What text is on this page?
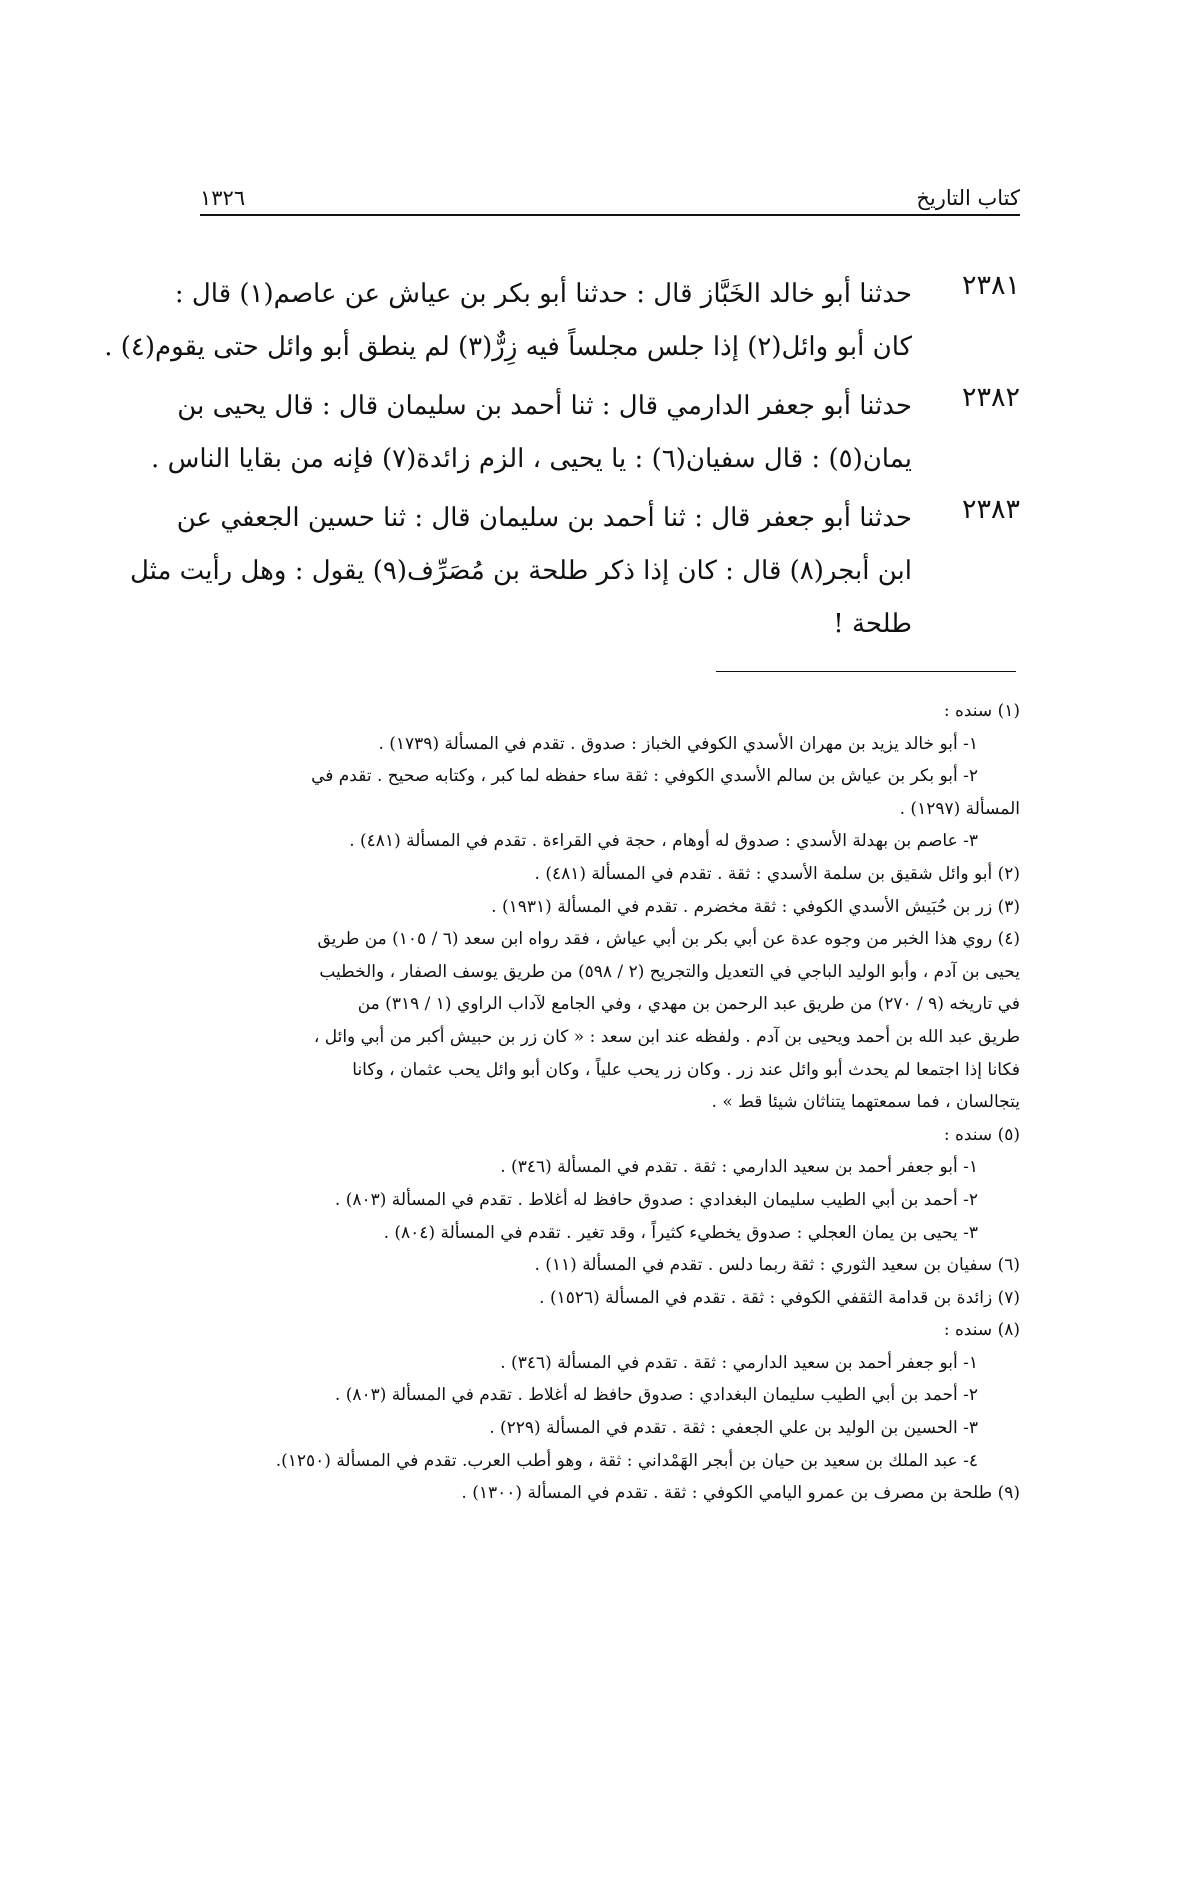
كتاب التاريخ
١٣٢٦
٢٣٨١
حدثنا أبو خالد الخَبَّاز قال : حدثنا أبو بكر بن عياش عن عاصم(١) قال :
كان أبو وائل(٢) إذا جلس مجلساً فيه زِرٌّ(٣) لم ينطق أبو وائل حتى يقوم(٤) .
٢٣٨٢
حدثنا أبو جعفر الدارمي قال : ثنا أحمد بن سليمان قال : قال يحيى بن
يمان(٥) : قال سفيان(٦) : يا يحيى ، الزم زائدة(٧) فإنه من بقايا الناس .
٢٣٨٣
حدثنا أبو جعفر قال : ثنا أحمد بن سليمان قال : ثنا حسين الجعفي عن
ابن أبجر(٨) قال : كان إذا ذكر طلحة بن مُصَرِّف(٩) يقول : وهل رأيت مثل
طلحة !
(١) سنده :
١- أبو خالد يزيد بن مهران الأسدي الكوفي الخباز : صدوق . تقدم في المسألة (١٧٣٩) .
٢- أبو بكر بن عياش بن سالم الأسدي الكوفي : ثقة ساء حفظه لما كبر ، وكتابه صحيح . تقدم في
المسألة (١٢٩٧) .
٣- عاصم بن بهدلة الأسدي : صدوق له أوهام ، حجة في القراءة . تقدم في المسألة (٤٨١) .
(٢) أبو وائل شقيق بن سلمة الأسدي : ثقة . تقدم في المسألة (٤٨١) .
(٣) زر بن حُبَيش الأسدي الكوفي : ثقة مخضرم . تقدم في المسألة (١٩٣١) .
(٤) روي هذا الخبر من وجوه عدة عن أبي بكر بن أبي عياش ، فقد رواه ابن سعد (٦ / ١٠٥) من طريق
يحيى بن آدم ، وأبو الوليد الباجي في التعديل والتجريح (٢ / ٥٩٨) من طريق يوسف الصفار ، والخطيب
في تاريخه (٩ / ٢٧٠) من طريق عبد الرحمن بن مهدي ، وفي الجامع لآداب الراوي (١ / ٣١٩) من
طريق عبد الله بن أحمد ويحيى بن آدم . ولفظه عند ابن سعد : « كان زر بن حبيش أكبر من أبي وائل ،
فكانا إذا اجتمعا لم يحدث أبو وائل عند زر . وكان زر يحب علياً ، وكان أبو وائل يحب عثمان ، وكانا
يتجالسان ، فما سمعتهما يتناثان شيئا قط » .
(٥) سنده :
١- أبو جعفر أحمد بن سعيد الدارمي : ثقة . تقدم في المسألة (٣٤٦) .
٢- أحمد بن أبي الطيب سليمان البغدادي : صدوق حافظ له أغلاط . تقدم في المسألة (٨٠٣) .
٣- يحيى بن يمان العجلي : صدوق يخطيء كثيراً ، وقد تغير . تقدم في المسألة (٨٠٤) .
(٦) سفيان بن سعيد الثوري : ثقة ربما دلس . تقدم في المسألة (١١) .
(٧) زائدة بن قدامة الثقفي الكوفي : ثقة . تقدم في المسألة (١٥٢٦) .
(٨) سنده :
١- أبو جعفر أحمد بن سعيد الدارمي : ثقة . تقدم في المسألة (٣٤٦) .
٢- أحمد بن أبي الطيب سليمان البغدادي : صدوق حافظ له أغلاط . تقدم في المسألة (٨٠٣) .
٣- الحسين بن الوليد بن علي الجعفي : ثقة . تقدم في المسألة (٢٢٩) .
٤- عبد الملك بن سعيد بن حيان بن أبجر الهَمْداني : ثقة ، وهو أطب العرب. تقدم في المسألة (١٢٥٠).
(٩) طلحة بن مصرف بن عمرو اليامي الكوفي : ثقة . تقدم في المسألة (١٣٠٠) .
